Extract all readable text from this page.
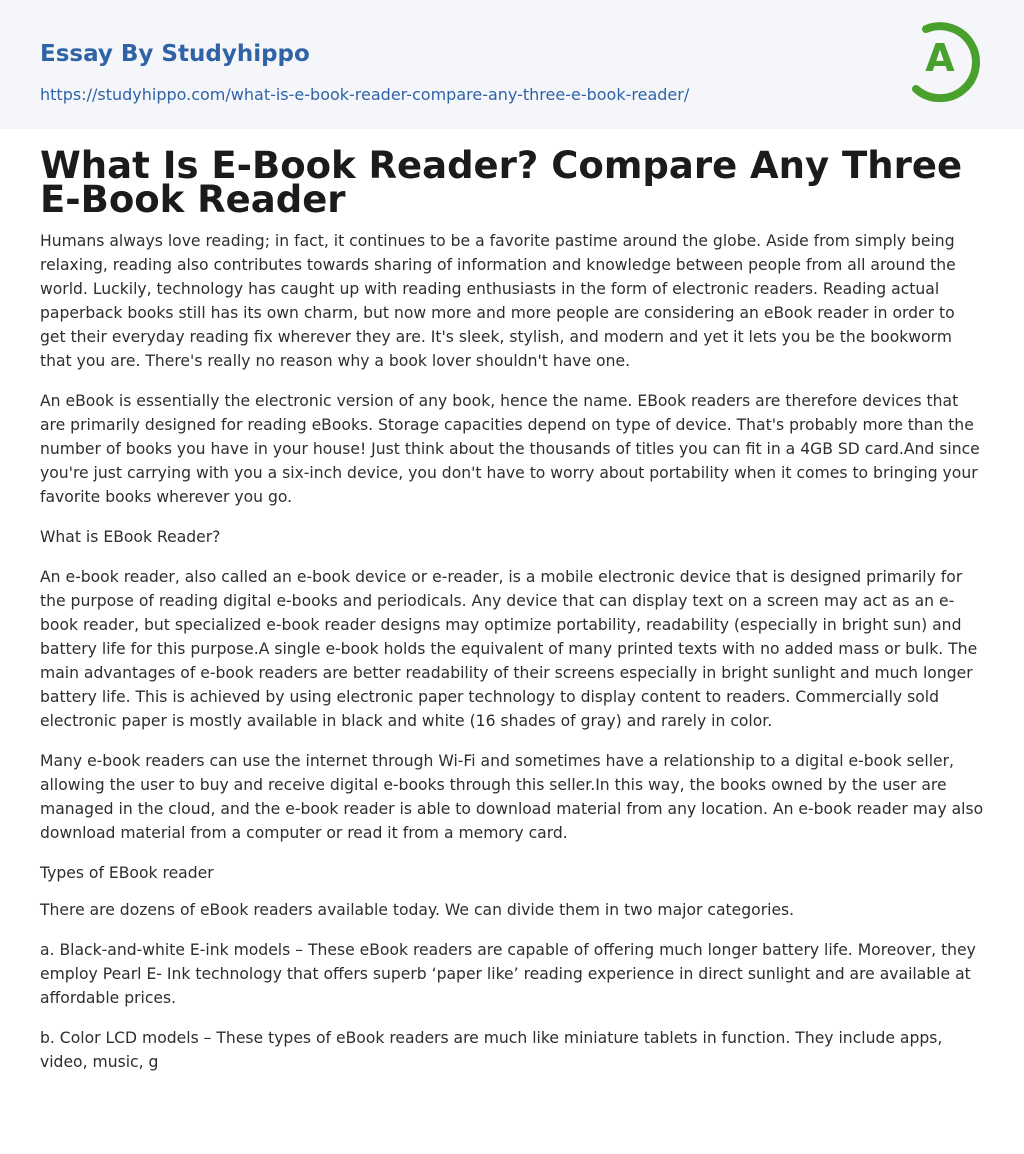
Essay By Studyhippo
https://studyhippo.com/what-is-e-book-reader-compare-any-three-e-book-reader/
A
What Is E-Book Reader? Compare Any Three E-Book Reader

Humans always love reading; in fact, it continues to be a favorite pastime around the globe. Aside from simply being relaxing, reading also contributes towards sharing of information and knowledge between people from all around the world. Luckily, technology has caught up with reading enthusiasts in the form of electronic readers. Reading actual paperback books still has its own charm, but now more and more people are considering an eBook reader in order to get their everyday reading fix wherever they are. It's sleek, stylish, and modern and yet it lets you be the bookworm that you are. There's really no reason why a book lover shouldn't have one.

An eBook is essentially the electronic version of any book, hence the name. EBook readers are therefore devices that are primarily designed for reading eBooks. Storage capacities depend on type of device. That's probably more than the number of books you have in your house! Just think about the thousands of titles you can fit in a 4GB SD card.And since you're just carrying with you a six-inch device, you don't have to worry about portability when it comes to bringing your favorite books wherever you go.

What is EBook Reader?

An e-book reader, also called an e-book device or e-reader, is a mobile electronic device that is designed primarily for the purpose of reading digital e-books and periodicals. Any device that can display text on a screen may act as an e-book reader, but specialized e-book reader designs may optimize portability, readability (especially in bright sun) and battery life for this purpose.A single e-book holds the equivalent of many printed texts with no added mass or bulk. The main advantages of e-book readers are better readability of their screens especially in bright sunlight and much longer battery life. This is achieved by using electronic paper technology to display content to readers. Commercially sold electronic paper is mostly available in black and white (16 shades of gray) and rarely in color.

Many e-book readers can use the internet through Wi-Fi and sometimes have a relationship to a digital e-book seller, allowing the user to buy and receive digital e-books through this seller.In this way, the books owned by the user are managed in the cloud, and the e-book reader is able to download material from any location. An e-book reader may also download material from a computer or read it from a memory card.

Types of EBook reader

There are dozens of eBook readers available today. We can divide them in two major categories.

a. Black-and-white E-ink models – These eBook readers are capable of offering much longer battery life. Moreover, they employ Pearl E- Ink technology that offers superb ‘paper like’ reading experience in direct sunlight and are available at affordable prices.

b. Color LCD models – These types of eBook readers are much like miniature tablets in function. They include apps, video, music, g
